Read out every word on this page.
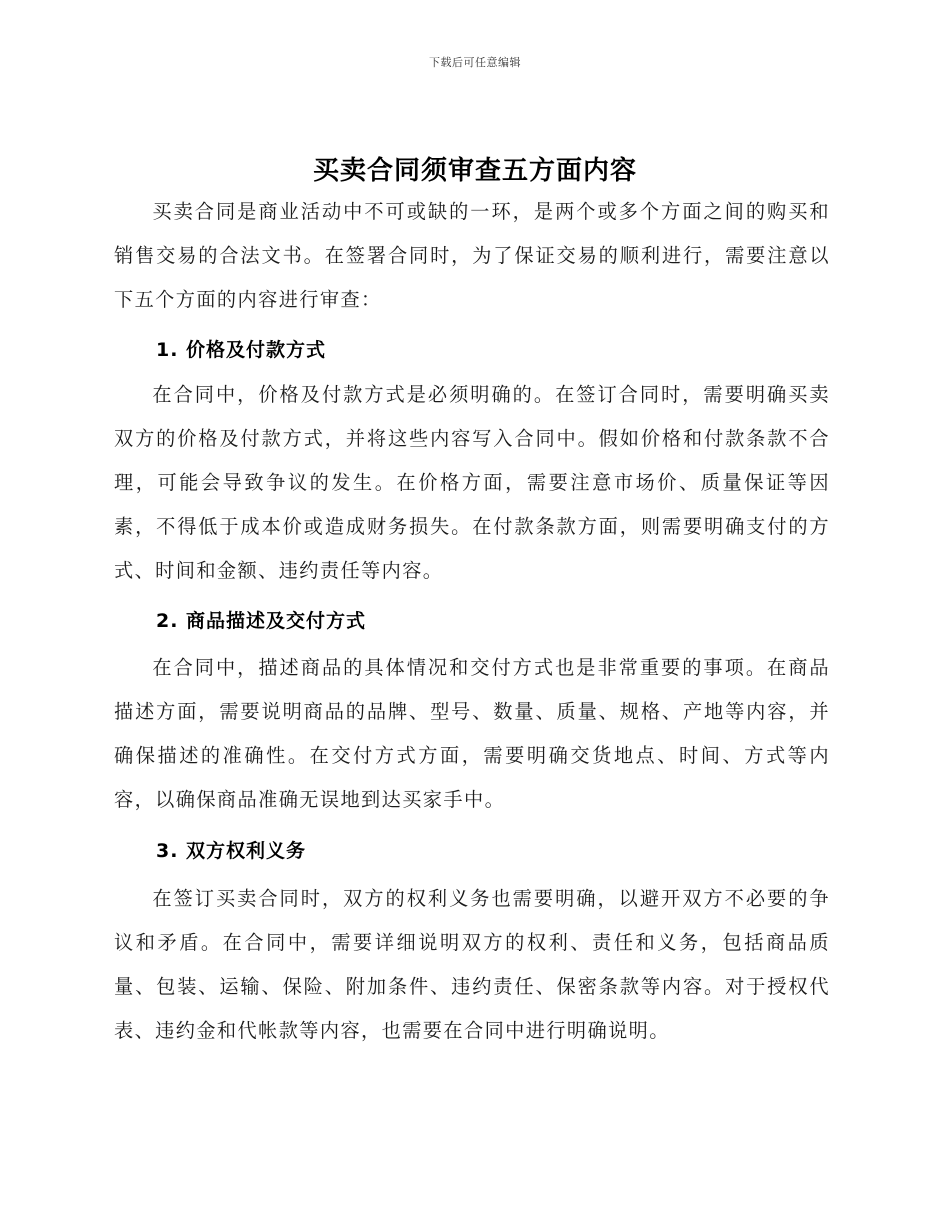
下载后可任意编辑
买卖合同须审查五方面内容

买卖合同是商业活动中不可或缺的一环，是两个或多个方面之间的购买和销售交易的合法文书。在签署合同时，为了保证交易的顺利进行，需要注意以下五个方面的内容进行审查：

1. 价格及付款方式

在合同中，价格及付款方式是必须明确的。在签订合同时，需要明确买卖双方的价格及付款方式，并将这些内容写入合同中。假如价格和付款条款不合理，可能会导致争议的发生。在价格方面，需要注意市场价、质量保证等因素，不得低于成本价或造成财务损失。在付款条款方面，则需要明确支付的方式、时间和金额、违约责任等内容。

2. 商品描述及交付方式

在合同中，描述商品的具体情况和交付方式也是非常重要的事项。在商品描述方面，需要说明商品的品牌、型号、数量、质量、规格、产地等内容，并确保描述的准确性。在交付方式方面，需要明确交货地点、时间、方式等内容，以确保商品准确无误地到达买家手中。

3. 双方权利义务

在签订买卖合同时，双方的权利义务也需要明确，以避开双方不必要的争议和矛盾。在合同中，需要详细说明双方的权利、责任和义务，包括商品质量、包装、运输、保险、附加条件、违约责任、保密条款等内容。对于授权代表、违约金和代帐款等内容，也需要在合同中进行明确说明。
